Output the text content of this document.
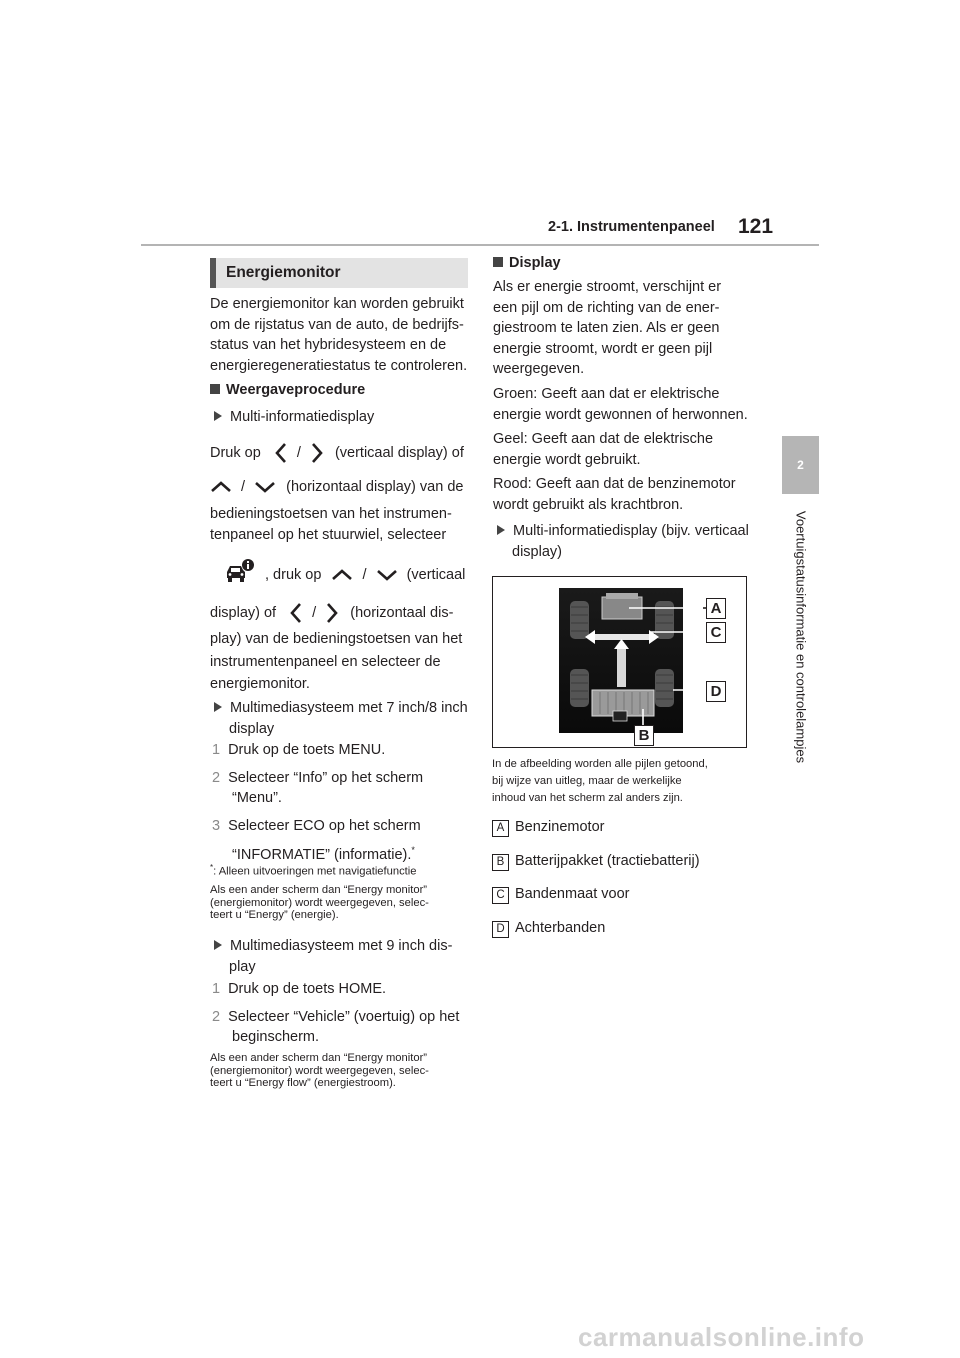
2-1. Instrumentenpaneel 121
2
Voertuigstatusinformatie en controlelampjes
Energiemonitor

De energiemonitor kan worden gebruikt

om de rijstatus van de auto, de bedrijfs-

status van het hybridesysteem en de

energieregeneratiestatus te controleren.

Weergaveprocedure
Multi-informatiedisplay
Druk op / (verticaal display) of
/	(horizontaal display) van de

bedieningstoetsen van het instrumen-

tenpaneel op het stuurwiel, selecteer

, druk op	/	(verticaal
display) of / (horizontaal dis-

play) van de bedieningstoetsen van het

instrumentenpaneel en selecteer de

energiemonitor.

Multimediasysteem met 7 inch/8 inch

display

1 Druk op de toets MENU.

2 Selecteer “Info” op het scherm

“Menu”.

3 Selecteer ECO op het scherm

“INFORMATIE” (informatie).*

*: Alleen uitvoeringen met navigatiefunctie

Als een ander scherm dan “Energy monitor”

(energiemonitor) wordt weergegeven, selec-

teert u “Energy” (energie).

Multimediasysteem met 9 inch dis-

play

1 Druk op de toets HOME.

2 Selecteer “Vehicle” (voertuig) op het

beginscherm.

Als een ander scherm dan “Energy monitor”

(energiemonitor) wordt weergegeven, selec-

teert u “Energy flow” (energiestroom).

Display

Als er energie stroomt, verschijnt er

een pijl om de richting van de ener-

giestroom te laten zien. Als er geen

energie stroomt, wordt er geen pijl

weergegeven.

Groen: Geeft aan dat er elektrische

energie wordt gewonnen of herwonnen.

Geel: Geeft aan dat de elektrische

energie wordt gebruikt.

Rood: Geeft aan dat de benzinemotor

wordt gebruikt als krachtbron.

Multi-informatiedisplay (bijv. verticaal

display)

A
C
D
B

In de afbeelding worden alle pijlen getoond,

bij wijze van uitleg, maar de werkelijke

inhoud van het scherm zal anders zijn.

A Benzinemotor

B Batterijpakket (tractiebatterij)

C Bandenmaat voor

D Achterbanden

carmanualsonline.info
